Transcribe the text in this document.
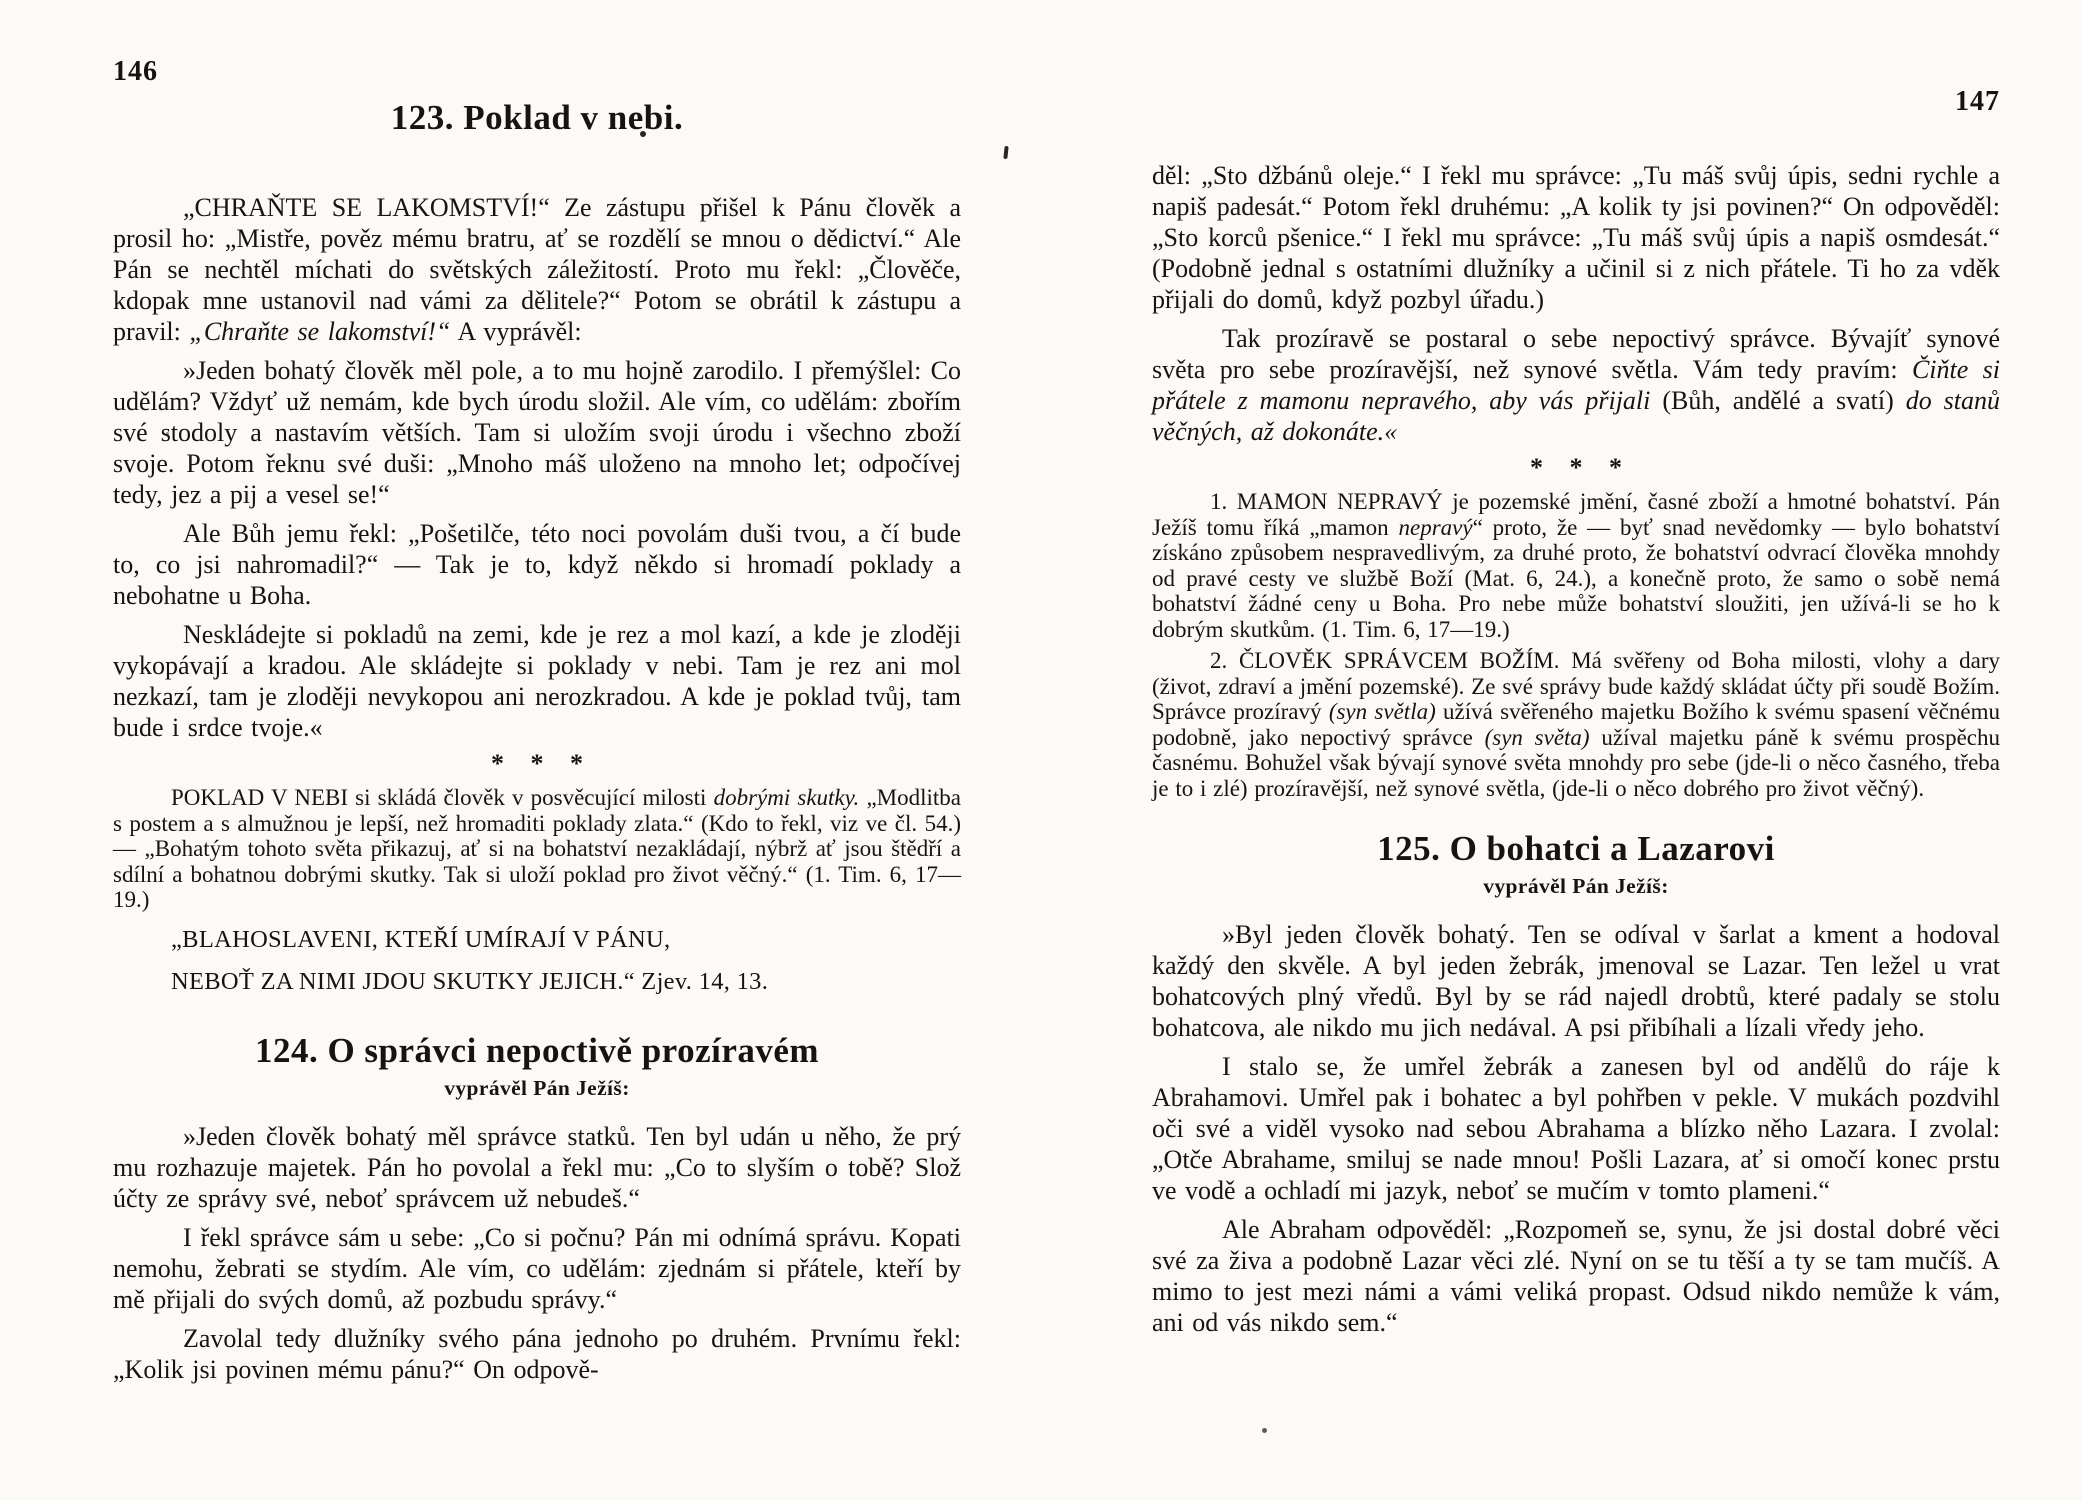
146
123. Poklad v nebi.

„CHRAŇTE SE LAKOMSTVÍ!“ Ze zástupu přišel k Pánu člověk a prosil ho: „Mistře, pověz mému bratru, ať se rozdělí se mnou o dědictví.“ Ale Pán se nechtěl míchati do světských záležitostí. Proto mu řekl: „Člověče, kdopak mne ustanovil nad vámi za dělitele?“ Potom se obrátil k zástupu a pravil: „Chraňte se lakomství!“ A vyprávěl:

»Jeden bohatý člověk měl pole, a to mu hojně zarodilo. I přemýšlel: Co udělám? Vždyť už nemám, kde bych úrodu složil. Ale vím, co udělám: zbořím své stodoly a nastavím větších. Tam si uložím svoji úrodu i všechno zboží svoje. Potom řeknu své duši: „Mnoho máš uloženo na mnoho let; odpočívej tedy, jez a pij a vesel se!“

Ale Bůh jemu řekl: „Pošetilče, této noci povolám duši tvou, a čí bude to, co jsi nahromadil?“ — Tak je to, když někdo si hromadí poklady a nebohatne u Boha.

Neskládejte si pokladů na zemi, kde je rez a mol kazí, a kde je zloději vykopávají a kradou. Ale skládejte si poklady v nebi. Tam je rez ani mol nezkazí, tam je zloději nevykopou ani nerozkradou. A kde je poklad tvůj, tam bude i srdce tvoje.«

* * *

POKLAD V NEBI si skládá člověk v posvěcující milosti dobrými skutky. „Modlitba s postem a s almužnou je lepší, než hromaditi poklady zlata.“ (Kdo to řekl, viz ve čl. 54.) — „Bohatým tohoto světa přikazuj, ať si na bohatství nezakládají, nýbrž ať jsou štědří a sdílní a bohatnou dobrými skutky. Tak si uloží poklad pro život věčný.“ (1. Tim. 6, 17—19.)

„BLAHOSLAVENI, KTEŘÍ UMÍRAJÍ V PÁNU,
NEBOŤ ZA NIMI JDOU SKUTKY JEJICH.“ Zjev. 14, 13.
124. O správci nepoctivě prozíravém
vyprávěl Pán Ježíš:

»Jeden člověk bohatý měl správce statků. Ten byl udán u něho, že prý mu rozhazuje majetek. Pán ho povolal a řekl mu: „Co to slyším o tobě? Slož účty ze správy své, neboť správcem už nebudeš.“

I řekl správce sám u sebe: „Co si počnu? Pán mi odnímá správu. Kopati nemohu, žebrati se stydím. Ale vím, co udělám: zjednám si přátele, kteří by mě přijali do svých domů, až pozbudu správy.“

Zavolal tedy dlužníky svého pána jednoho po druhém. Prvnímu řekl: „Kolik jsi povinen mému pánu?“ On odpově-

147

děl: „Sto džbánů oleje.“ I řekl mu správce: „Tu máš svůj úpis, sedni rychle a napiš padesát.“ Potom řekl druhému: „A kolik ty jsi povinen?“ On odpověděl: „Sto korců pšenice.“ I řekl mu správce: „Tu máš svůj úpis a napiš osmdesát.“ (Podobně jednal s ostatními dlužníky a učinil si z nich přátele. Ti ho za vděk přijali do domů, když pozbyl úřadu.)

Tak prozíravě se postaral o sebe nepoctivý správce. Bývajíť synové světa pro sebe prozíravější, než synové světla. Vám tedy pravím: Čiňte si přátele z mamonu nepravého, aby vás přijali (Bůh, andělé a svatí) do stanů věčných, až dokonáte.«

* * *

1. MAMON NEPRAVÝ je pozemské jmění, časné zboží a hmotné bohatství. Pán Ježíš tomu říká „mamon nepravý“ proto, že — byť snad nevědomky — bylo bohatství získáno způsobem nespravedlivým, za druhé proto, že bohatství odvrací člověka mnohdy od pravé cesty ve službě Boží (Mat. 6, 24.), a konečně proto, že samo o sobě nemá bohatství žádné ceny u Boha. Pro nebe může bohatství sloužiti, jen užívá-li se ho k dobrým skutkům. (1. Tim. 6, 17—19.)

2. ČLOVĚK SPRÁVCEM BOŽÍM. Má svěřeny od Boha milosti, vlohy a dary (život, zdraví a jmění pozemské). Ze své správy bude každý skládat účty při soudě Božím. Správce prozíravý (syn světla) užívá svěřeného majetku Božího k svému spasení věčnému podobně, jako nepoctivý správce (syn světa) užíval majetku páně k svému prospěchu časnému. Bohužel však bývají synové světa mnohdy pro sebe (jde-li o něco časného, třeba je to i zlé) prozíravější, než synové světla, (jde-li o něco dobrého pro život věčný).

125. O bohatci a Lazarovi
vyprávěl Pán Ježíš:

»Byl jeden člověk bohatý. Ten se odíval v šarlat a kment a hodoval každý den skvěle. A byl jeden žebrák, jmenoval se Lazar. Ten ležel u vrat bohatcových plný vředů. Byl by se rád najedl drobtů, které padaly se stolu bohatcova, ale nikdo mu jich nedával. A psi přibíhali a lízali vředy jeho.

I stalo se, že umřel žebrák a zanesen byl od andělů do ráje k Abrahamovi. Umřel pak i bohatec a byl pohřben v pekle. V mukách pozdvihl oči své a viděl vysoko nad sebou Abrahama a blízko něho Lazara. I zvolal: „Otče Abrahame, smiluj se nade mnou! Pošli Lazara, ať si omočí konec prstu ve vodě a ochladí mi jazyk, neboť se mučím v tomto plameni.“

Ale Abraham odpověděl: „Rozpomeň se, synu, že jsi dostal dobré věci své za živa a podobně Lazar věci zlé. Nyní on se tu těší a ty se tam mučíš. A mimo to jest mezi námi a vámi veliká propast. Odsud nikdo nemůže k vám, ani od vás nikdo sem.“
